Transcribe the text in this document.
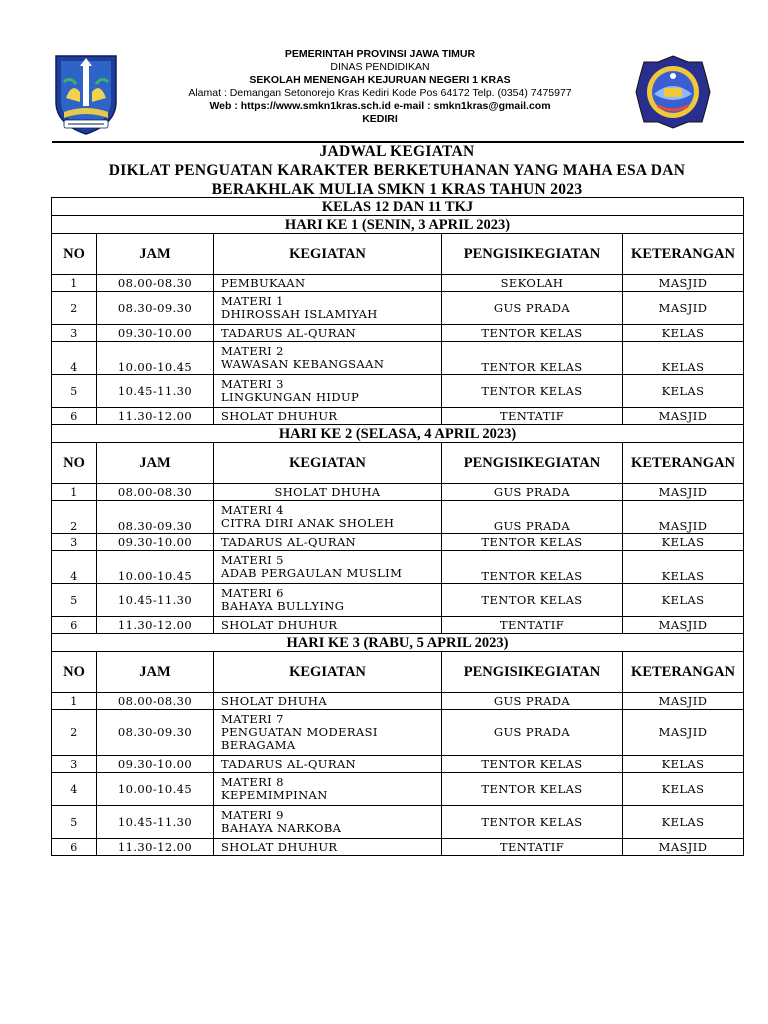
PEMERINTAH PROVINSI JAWA TIMUR
DINAS PENDIDIKAN
SEKOLAH MENENGAH KEJURUAN NEGERI 1 KRAS
Alamat : Demangan Setonorejo Kras Kediri Kode Pos 64172 Telp. (0354) 7475977
Web : https://www.smkn1kras.sch.id e-mail : smkn1kras@gmail.com
KEDIRI
JADWAL KEGIATAN
DIKLAT PENGUATAN KARAKTER BERKETUHANAN YANG MAHA ESA DAN
BERAKHLAK MULIA SMKN 1 KRAS TAHUN 2023
KELAS 12 DAN 11 TKJ				
HARI KE 1 (SENIN, 3 APRIL 2023)				
NO	JAM	KEGIATAN	PENGISIKEGIATAN	KETERANGAN
1	08.00-08.30	PEMBUKAAN	SEKOLAH	MASJID
2	08.30-09.30	MATERI 1
DHIROSSAH ISLAMIYAH	GUS PRADA	MASJID
3	09.30-10.00	TADARUS AL-QURAN	TENTOR KELAS	KELAS
4	10.00-10.45	MATERI 2
WAWASAN KEBANGSAAN	TENTOR KELAS	KELAS
5	10.45-11.30	MATERI 3
LINGKUNGAN HIDUP	TENTOR KELAS	KELAS
6	11.30-12.00	SHOLAT DHUHUR	TENTATIF	MASJID
HARI KE 2 (SELASA, 4 APRIL 2023)				
NO	JAM	KEGIATAN	PENGISIKEGIATAN	KETERANGAN
1	08.00-08.30	SHOLAT DHUHA	GUS PRADA	MASJID
2	08.30-09.30	MATERI 4
CITRA DIRI ANAK SHOLEH	GUS PRADA	MASJID
3	09.30-10.00	TADARUS AL-QURAN	TENTOR KELAS	KELAS
4	10.00-10.45	MATERI 5
ADAB PERGAULAN MUSLIM	TENTOR KELAS	KELAS
5	10.45-11.30	MATERI 6
BAHAYA BULLYING	TENTOR KELAS	KELAS
6	11.30-12.00	SHOLAT DHUHUR	TENTATIF	MASJID
HARI KE 3 (RABU, 5 APRIL 2023)				
NO	JAM	KEGIATAN	PENGISIKEGIATAN	KETERANGAN
1	08.00-08.30	SHOLAT DHUHA	GUS PRADA	MASJID
2	08.30-09.30	MATERI 7
PENGUATAN MODERASI
BERAGAMA	GUS PRADA	MASJID
3	09.30-10.00	TADARUS AL-QURAN	TENTOR KELAS	KELAS
4	10.00-10.45	MATERI 8
KEPEMIMPINAN	TENTOR KELAS	KELAS
5	10.45-11.30	MATERI 9
BAHAYA NARKOBA	TENTOR KELAS	KELAS
6	11.30-12.00	SHOLAT DHUHUR	TENTATIF	MASJID
